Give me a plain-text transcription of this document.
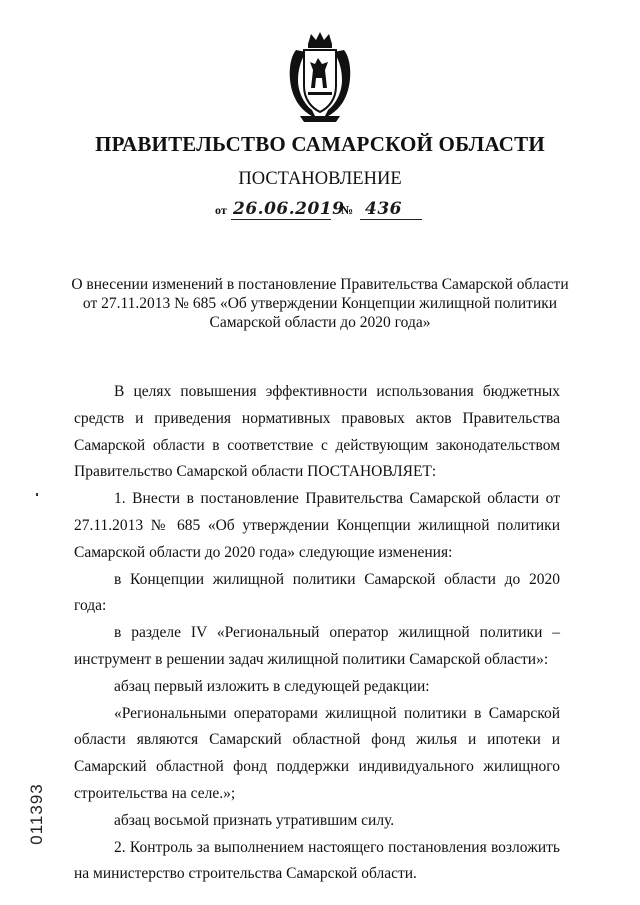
ПРАВИТЕЛЬСТВО САМАРСКОЙ ОБЛАСТИ
ПОСТАНОВЛЕНИЕ
от 26.06.2019
№ 436
О внесении изменений в постановление Правительства Самарской области
от 27.11.2013 № 685 «Об утверждении Концепции жилищной политики
Самарской области до 2020 года»

В целях повышения эффективности использования бюджетных средств и приведения нормативных правовых актов Правительства Самарской области в соответствие с действующим законодательством Правительство Самарской области ПОСТАНОВЛЯЕТ:

1. Внести в постановление Правительства Самарской области от 27.11.2013 № 685 «Об утверждении Концепции жилищной политики Самарской области до 2020 года» следующие изменения:

в Концепции жилищной политики Самарской области до 2020 года:

в разделе IV «Региональный оператор жилищной политики – инструмент в решении задач жилищной политики Самарской области»:

абзац первый изложить в следующей редакции:

«Региональными операторами жилищной политики в Самарской области являются Самарский областной фонд жилья и ипотеки и Самарский областной фонд поддержки индивидуального жилищного строительства на селе.»;

абзац восьмой признать утратившим силу.

2. Контроль за выполнением настоящего постановления возложить на министерство строительства Самарской области.

011393
